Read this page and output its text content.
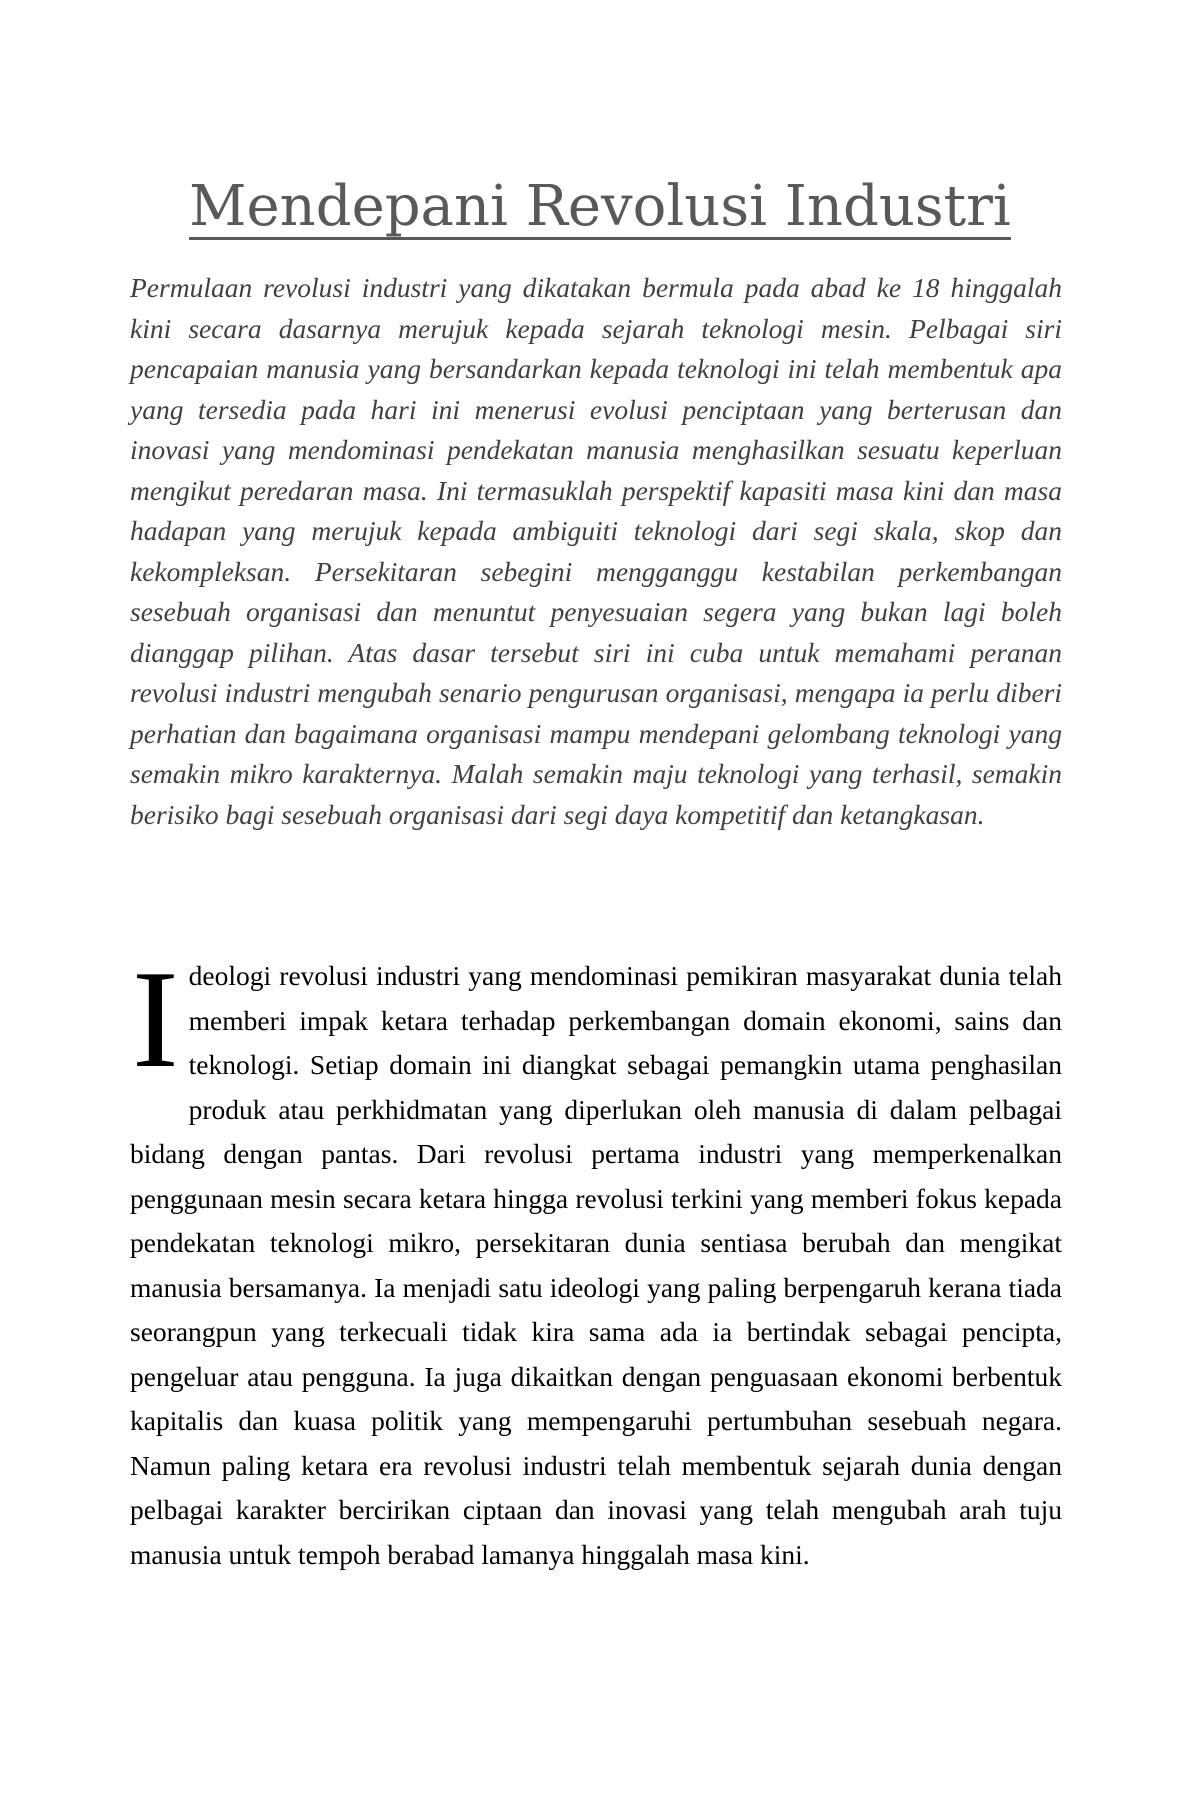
Mendepani Revolusi Industri

Permulaan revolusi industri yang dikatakan bermula pada abad ke 18 hinggalah kini secara dasarnya merujuk kepada sejarah teknologi mesin. Pelbagai siri pencapaian manusia yang bersandarkan kepada teknologi ini telah membentuk apa yang tersedia pada hari ini menerusi evolusi penciptaan yang berterusan dan inovasi yang mendominasi pendekatan manusia menghasilkan sesuatu keperluan mengikut peredaran masa. Ini termasuklah perspektif kapasiti masa kini dan masa hadapan yang merujuk kepada ambiguiti teknologi dari segi skala, skop dan kekompleksan. Persekitaran sebegini mengganggu kestabilan perkembangan sesebuah organisasi dan menuntut penyesuaian segera yang bukan lagi boleh dianggap pilihan. Atas dasar tersebut siri ini cuba untuk memahami peranan revolusi industri mengubah senario pengurusan organisasi, mengapa ia perlu diberi perhatian dan bagaimana organisasi mampu mendepani gelombang teknologi yang semakin mikro karakternya. Malah semakin maju teknologi yang terhasil, semakin berisiko bagi sesebuah organisasi dari segi daya kompetitif dan ketangkasan.

Ideologi revolusi industri yang mendominasi pemikiran masyarakat dunia telah memberi impak ketara terhadap perkembangan domain ekonomi, sains dan teknologi. Setiap domain ini diangkat sebagai pemangkin utama penghasilan produk atau perkhidmatan yang diperlukan oleh manusia di dalam pelbagai bidang dengan pantas. Dari revolusi pertama industri yang memperkenalkan penggunaan mesin secara ketara hingga revolusi terkini yang memberi fokus kepada pendekatan teknologi mikro, persekitaran dunia sentiasa berubah dan mengikat manusia bersamanya. Ia menjadi satu ideologi yang paling berpengaruh kerana tiada seorangpun yang terkecuali tidak kira sama ada ia bertindak sebagai pencipta, pengeluar atau pengguna. Ia juga dikaitkan dengan penguasaan ekonomi berbentuk kapitalis dan kuasa politik yang mempengaruhi pertumbuhan sesebuah negara. Namun paling ketara era revolusi industri telah membentuk sejarah dunia dengan pelbagai karakter bercirikan ciptaan dan inovasi yang telah mengubah arah tuju manusia untuk tempoh berabad lamanya hinggalah masa kini.
